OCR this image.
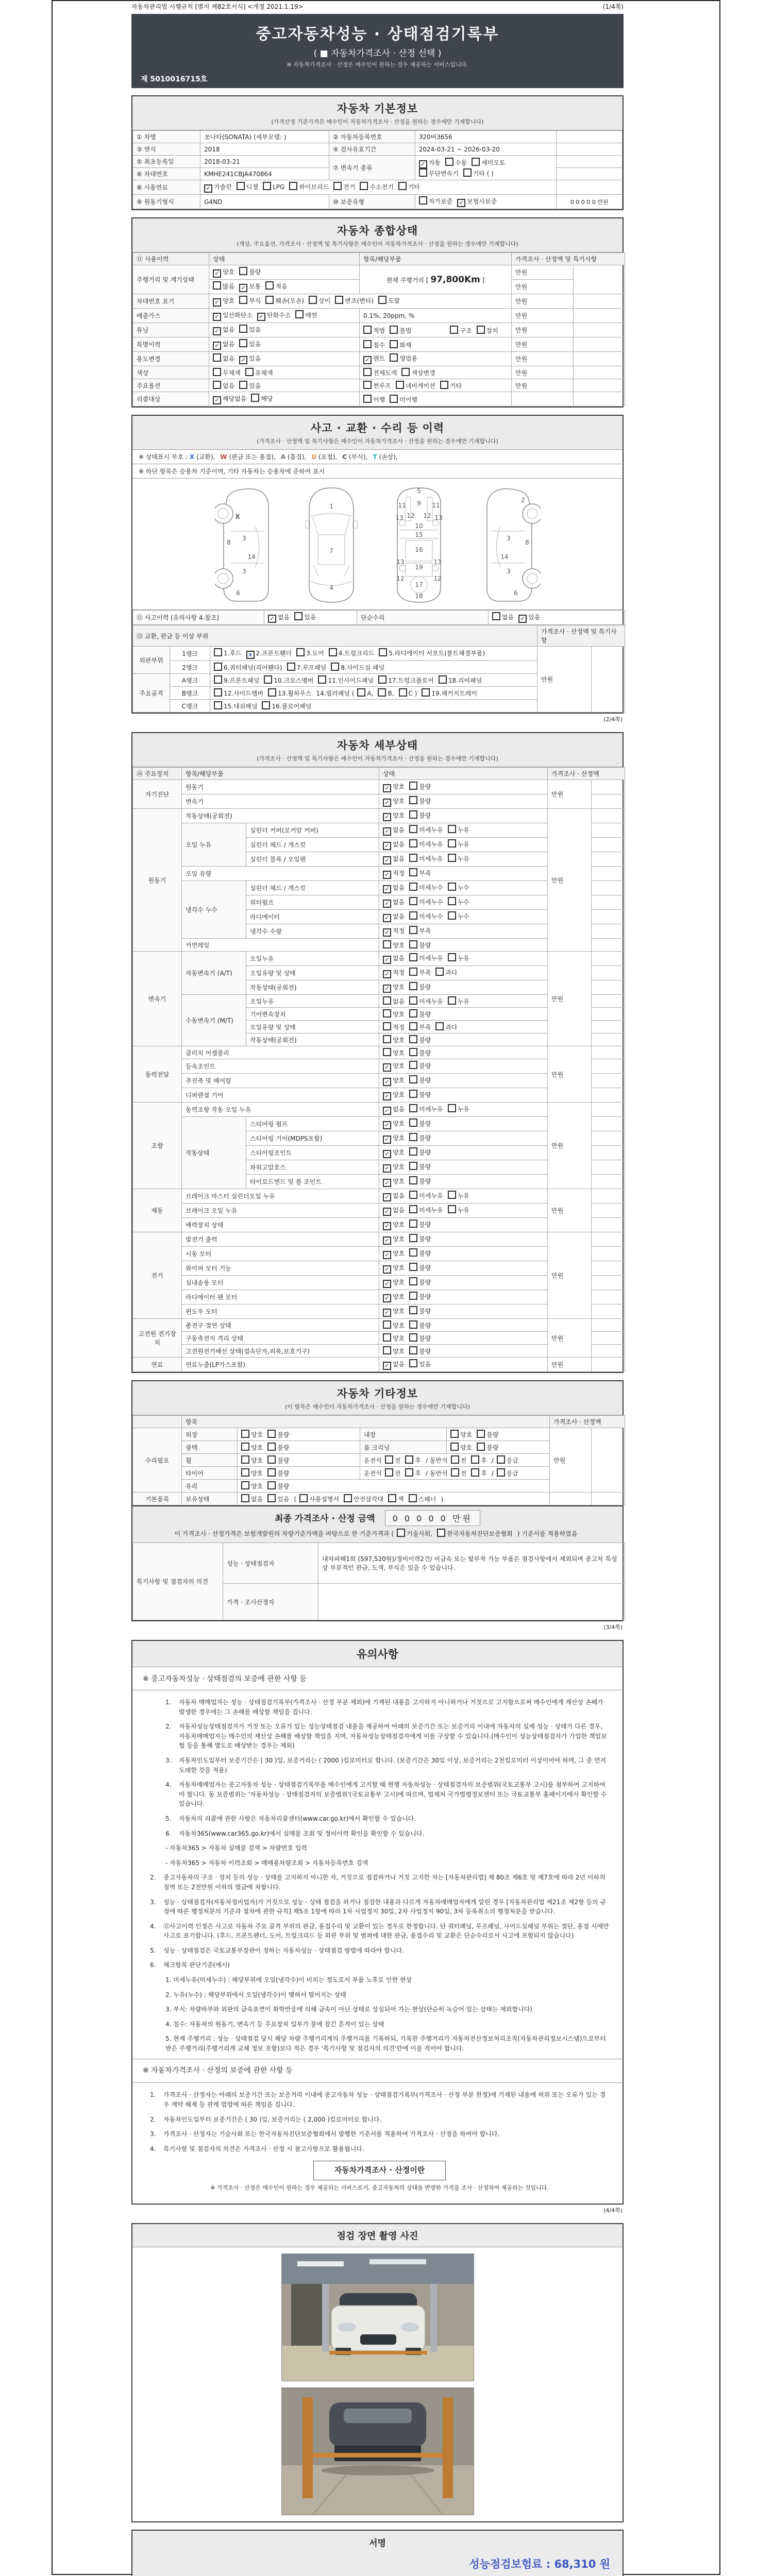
자동차관리법 시행규칙 [별지 제82호서식] <개정 2021.1.19>	(1/4쪽)
중고자동차성능 · 상태점검기록부
( ■ 자동차가격조사 · 산정 선택 )
※ 자동차가격조사 · 산정은 매수인이 원하는 경우 제공하는 서비스입니다.
제 5010016715호
자동차 기본정보
(가격산정 기준가격은 매수인이 자동차가격조사 · 산정을 원하는 경우에만 기재합니다)
① 차명	쏘나타(SONATA) (세부모델: )	② 자동차등록번호	320버3656	
③ 연식	2018	④ 검사유효기간	2024-03-21 ~ 2026-03-20	
⑤ 최초등록일	2018-03-21	⑦ 변속기 종류	✓ 자동 수동 세미오토무단변속기 기타 ( )	
⑥ 차대번호	KMHE241CBJA470864			
⑧ 사용연료	✓ 가솔린 디젤 LPG 하이브리드 전기 수소전기 기타			
⑨ 원동기형식	G4ND	⑩ 보증유형	자가보증 ✓ 보험사보증	0 0 0 0 0 만원
자동차 종합상태
(색상, 주요옵션, 가격조사 · 산정액 및 특기사항은 매수인이 자동차가격조사 · 산정을 원하는 경우에만 기재합니다)
⑪ 사용이력	상태	항목/해당부품	가격조사 · 산정액 및 특기사항	
주행거리 및 계기상태	✓ 양호 불량	현재 주행거리 [ 97,800Km ]	만원	
	많음 ✓ 보통 적음		만원	
차대번호 표기	✓ 양호 부식 훼손(오손) 상이 변조(변타) 도말		만원	
배출가스	✓ 일산화탄소 ✓ 탄화수소 매연	0.1%, 20ppm, %	만원	
튜닝	✓ 없음 있음	적법 불법　　　　　 구조 장치	만원	
특별이력	✓ 없음 있음	침수 화재	만원	
용도변경	없음 ✓ 있음	✓ 렌트 영업용	만원	
색상	무채색 유채색	전체도색 색상변경	만원	
주요옵션	없음 있음	썬루프 네비게이션 기타	만원	
리콜대상	✓ 해당없음 해당	이행 미이행		
사고 · 교환 · 수리 등 이력
(가격조사 · 산정액 및 특기사항은 매수인이 자동차가격조사 · 산정을 원하는 경우에만 기재합니다)
※ 상태표시 부호 : X (교환), W (판금 또는 용접), A (흠집), U (요철), C (부식), T (손상),
※ 하단 항목은 승용차 기준이며, 기타 자동차는 승용차에 준하여 표시
X
8
3
14
3
6
1
7
4
5
9
11	11
13	13
12 12
10
15
16
19
13	13
12	12
17
18
2
3
8
14
3
6
⑫ 사고이력 (유의사항 4.참조)	✓ 없음 있음	단순수리	없음 ✓ 있음
⑬ 교환, 판금 등 이상 부위			가격조사 · 산정액 및 특기사항	
외판부위	1랭크	1.후드 x 2.프론트휀더 3.도어 4.트렁크리드 5.라디에이터 서포트(볼트체결부품)	만원	
	2랭크	6.쿼터패널(리어휀다) 7.루프패널 8.사이드실 패널		
주요골격	A랭크	9.프론트패널 10.크로스멤버 11.인사이드패널 17.트렁크플로어 18.리어패널		
	B랭크	12.사이드멤버 13.휠하우스 14.필러패널 ( A, B, C ) 19.패키지트레이		
	C랭크	15.대쉬패널 16.플로어패널		
(2/4쪽)
자동차 세부상태
(가격조사 · 산정액 및 특기사항은 매수인이 자동차가격조사 · 산정을 원하는 경우에만 기재합니다)
⑭ 주요장치	항목/해당부품		상태	가격조사 · 산정액	
자기진단	원동기		✓ 양호 불량	만원	
	변속기		✓ 양호 불량		
원동기	작동상태(공회전)		✓ 양호 불량	만원	
	오일 누유	실린더 커버(로커암 커버)	✓ 없음 미세누유 누유		
		실린더 헤드 / 개스킷	✓ 없음 미세누유 누유		
		실린더 블록 / 오일팬	✓ 없음 미세누유 누유		
	오일 유량		✓ 적정 부족		
	냉각수 누수	실린더 헤드 / 개스킷	✓ 없음 미세누수 누수		
		워터펌프	✓ 없음 미세누수 누수		
		라디에이터	✓ 없음 미세누수 누수		
		냉각수 수량	✓ 적정 부족		
	커먼레일		양호 불량		
변속기	자동변속기 (A/T)	오일누유	✓ 없음 미세누유 누유	만원	
		오일유량 및 상태	✓ 적정 부족 과다		
		작동상태(공회전)	✓ 양호 불량		
	수동변속기 (M/T)	오일누유	없음 미세누유 누유		
		기어변속장치	양호 불량		
		오일유량 및 상태	적정 부족 과다		
		작동상태(공회전)	양호 불량		
동력전달	클러치 어셈블리		양호 불량	만원	
	등속조인트		✓ 양호 불량		
	추진축 및 베어링		✓ 양호 불량		
	디퍼렌셜 기어		✓ 양호 불량		
조향	동력조향 작동 오일 누유		✓ 없음 미세누유 누유	만원	
	작동상태	스티어링 펌프	✓ 양호 불량		
		스티어링 기어(MDPS포함)	✓ 양호 불량		
		스티어링조인트	✓ 양호 불량		
		파워고압호스	✓ 양호 불량		
		타이로드엔드 및 볼 조인트	✓ 양호 불량		
제동	브레이크 마스터 실린더오일 누유		✓ 없음 미세누유 누유	만원	
	브레이크 오일 누유		✓ 없음 미세누유 누유		
	배력장치 상태		✓ 양호 불량		
전기	발전기 출력		✓ 양호 불량	만원	
	시동 모터		✓ 양호 불량		
	와이퍼 모터 기능		✓ 양호 불량		
	실내송풍 모터		✓ 양호 불량		
	라디에이터 팬 모터		✓ 양호 불량		
	윈도우 모터		✓ 양호 불량		
고전원 전기장치	충전구 절연 상태		양호 불량	만원	
	구동축전지 격리 상태		양호 불량		
	고전원전기배선 상태(접속단자,피복,보호기구)		양호 불량		
연료	연료누출(LP가스포함)		✓ 없음 있음	만원	
자동차 기타정보
(이 항목은 매수인이 자동차가격조사 · 산정을 원하는 경우에만 기재합니다)
	항목				가격조사 · 산정액	
수리필요	외장	양호 불량	내장	양호 불량	만원	
	광택	양호 불량	룸 크리닝	양호 불량		
	휠	양호 불량	운전석 전 후 / 동반석 전 후 / 응급			
	타이어	양호 불량	운전석 전 후 / 동반석 전 후 / 응급			
	유리	양호 불량				
기본품목	보유상태	없음 있음 ( 사용설명서 안전삼각대 잭 스패너 )				
최종 가격조사 · 산정 금액 0 0 0 0 0 만원
이 가격조사 · 산정가격은 보험개발원의 차량기준가액을 바탕으로 한 기준가격과 ( 기술사회, 한국자동차진단보증협회 ) 기준서를 적용하였음
특기사항 및 점검자의 의견	성능 · 상태점검자	내차피해1회 (597,520원)/정비이력2건/ 비금속 또는 탈부착 가능 부품은 점검사항에서 제외되며 중고차 특성상 부분적인 판금, 도색, 부식은 있을 수 있습니다.
	가격 · 조사산정자	
(3/4쪽)
유의사항
※ 중고자동차성능 · 상태점검의 보증에 관한 사항 등
1.	자동차 매매업자는 성능 · 상태점검기록부(가격조사 · 산정 부분 제외)에 기재된 내용을 고지하지 아니하거나 거짓으로 고지함으로써 매수인에게 재산상 손해가 발생한 경우에는 그 손해를 배상할 책임을 집니다.
2.	자동차성능상태점검자가 거짓 또는 오류가 있는 성능상태점검 내용을 제공하여 아래의 보증기간 또는 보증거리 이내에 자동차의 실제 성능 · 상태가 다른 경우, 자동차매매업자는 매수인의 재산상 손해를 배상할 책임을 지며, 자동차성능상태점검자에게 이를 구상할 수 있습니다.(매수인이 성능상태점검자가 가입한 책임보험 등을 통해 별도로 배상받는 경우는 제외)
3.	자동차인도일부터 보증기간은 ( 30 )일, 보증거리는 ( 2000 )킬로미터로 합니다. (보증기간은 30일 이상, 보증거리는 2천킬로미터 이상이어야 하며, 그 중 먼저 도래한 것을 적용)
4.	자동차매매업자는 중고자동차 성능 · 상태점검기록부를 매수인에게 고지할 때 현행 자동차성능 · 상태점검자의 보증범위(국토교통부 고시)를 첨부하여 고지하여야 합니다. 동 보증범위는 '자동차성능 · 상태점검자의 보증범위'(국토교통부 고시)에 따르며, 법제처 국가법령정보센터 또는 국토교통부 홈페이지에서 확인할 수 있습니다.
5.	자동차의 리콜에 관한 사항은 자동차리콜센터(www.car.go.kr)에서 확인할 수 있습니다.
6.	자동차365(www.car365.go.kr)에서 실매물 조회 및 정비이력 확인을 확인할 수 있습니다.
- 자동차365 > 자동차 실매물 검색 > 차량번호 입력
- 자동차365 > 자동차 이력조회 > 매매용차량조회 > 자동차등록번호 검색
2.	중고자동차의 구조 · 장치 등의 성능 · 상태를 고지하지 아니한 자, 거짓으로 점검하거나 거짓 고지한 자는 [자동차관리법] 제 80조 제6호 및 제7호에 따라 2년 이하의 징역 또는 2천만원 이하의 벌금에 처합니다.
3.	성능 · 상태점검자(자동차정비업자)가 거짓으로 성능 · 상태 점검을 하거나 점검한 내용과 다르게 자동차매매업자에게 알린 경우 [자동차관리법 제21조 제2항 등의 규정에 따른 행정처분의 기준과 절차에 관한 규칙] 제5조 1항에 따라 1차 사업정지 30일, 2차 사업정지 90일, 3차 등록취소의 행정처분을 받습니다.
4.	⑫사고이력 인정은 사고로 자동차 주요 골격 부위의 판금, 용접수리 및 교환이 있는 경우로 한정합니다. 단 쿼터패널, 루프패널, 사이드실패널 부위는 절단, 용접 시에만 사고로 표기합니다. (후드, 프론트펜더, 도어, 트렁크리드 등 외판 부위 및 범퍼에 대한 판금, 용접수리 및 교환은 단순수리로서 사고에 포함되지 않습니다)
5.	성능 · 상태점검은 국토교통부장관이 정하는 자동차성능 · 상태점검 방법에 따라야 합니다.
6.	체크항목 판단기준(예시)
1. 미세누유(미세누수) : 해당부위에 오일(냉각수)이 비치는 정도로서 부품 노후로 인한 현상
2. 누유(누수) : 해당부위에서 오일(냉각수)이 맺혀서 떨어지는 상태
3. 부식: 차량하부와 외판의 금속표면이 화학반응에 의해 금속이 아닌 상태로 상실되어 가는 현상(단순히 녹슬어 있는 상태는 제외합니다)
4. 침수: 자동차의 원동기, 변속기 등 주요장치 일부가 물에 잠긴 흔적이 있는 상태
5. 현재 주행거리 : 성능 · 상태점검 당시 해당 차량 주행거리계의 주행거리를 기록하되, 기록한 주행거리가 자동차전산정보처리조직(자동차관리정보시스템)으로부터 받은 주행거리(주행거리계 교체 정보 포함)보다 적은 경우 '특기사항 및 점검자의 의견'란에 이를 적어야 합니다.
※ 자동차가격조사 · 산정의 보증에 관한 사항 등
1.	가격조사 · 산정자는 아래의 보증기간 또는 보증거리 이내에 중고자동차 성능 · 상태점검기록부(가격조사 · 산정 부분 한정)에 기재된 내용에 허위 또는 오류가 있는 경우 계약 해제 등 관계 법령에 따른 책임을 집니다.
2.	자동차인도일부터 보증기간은 ( 30 )일, 보증거리는 ( 2,000 )킬로미터로 합니다.
3.	가격조사 · 산정자는 기술사회 또는 한국자동차진단보증협회에서 발행한 기준서를 적용하여 가격조사 · 산정을 하여야 합니다.
4.	특기사항 및 점검자의 의견은 가격조사 · 산정 시 참고사항으로 활용됩니다.
자동차가격조사 · 산정이란
※ 가격조사 · 산정은 매수인이 원하는 경우 제공되는 서비스로서, 중고자동차의 상태를 반영한 가격을 조사 · 산정하여 제공하는 것입니다.
(4/4쪽)
점검 장면 촬영 사진
서명
성능점검보험료 : 68,310 원
